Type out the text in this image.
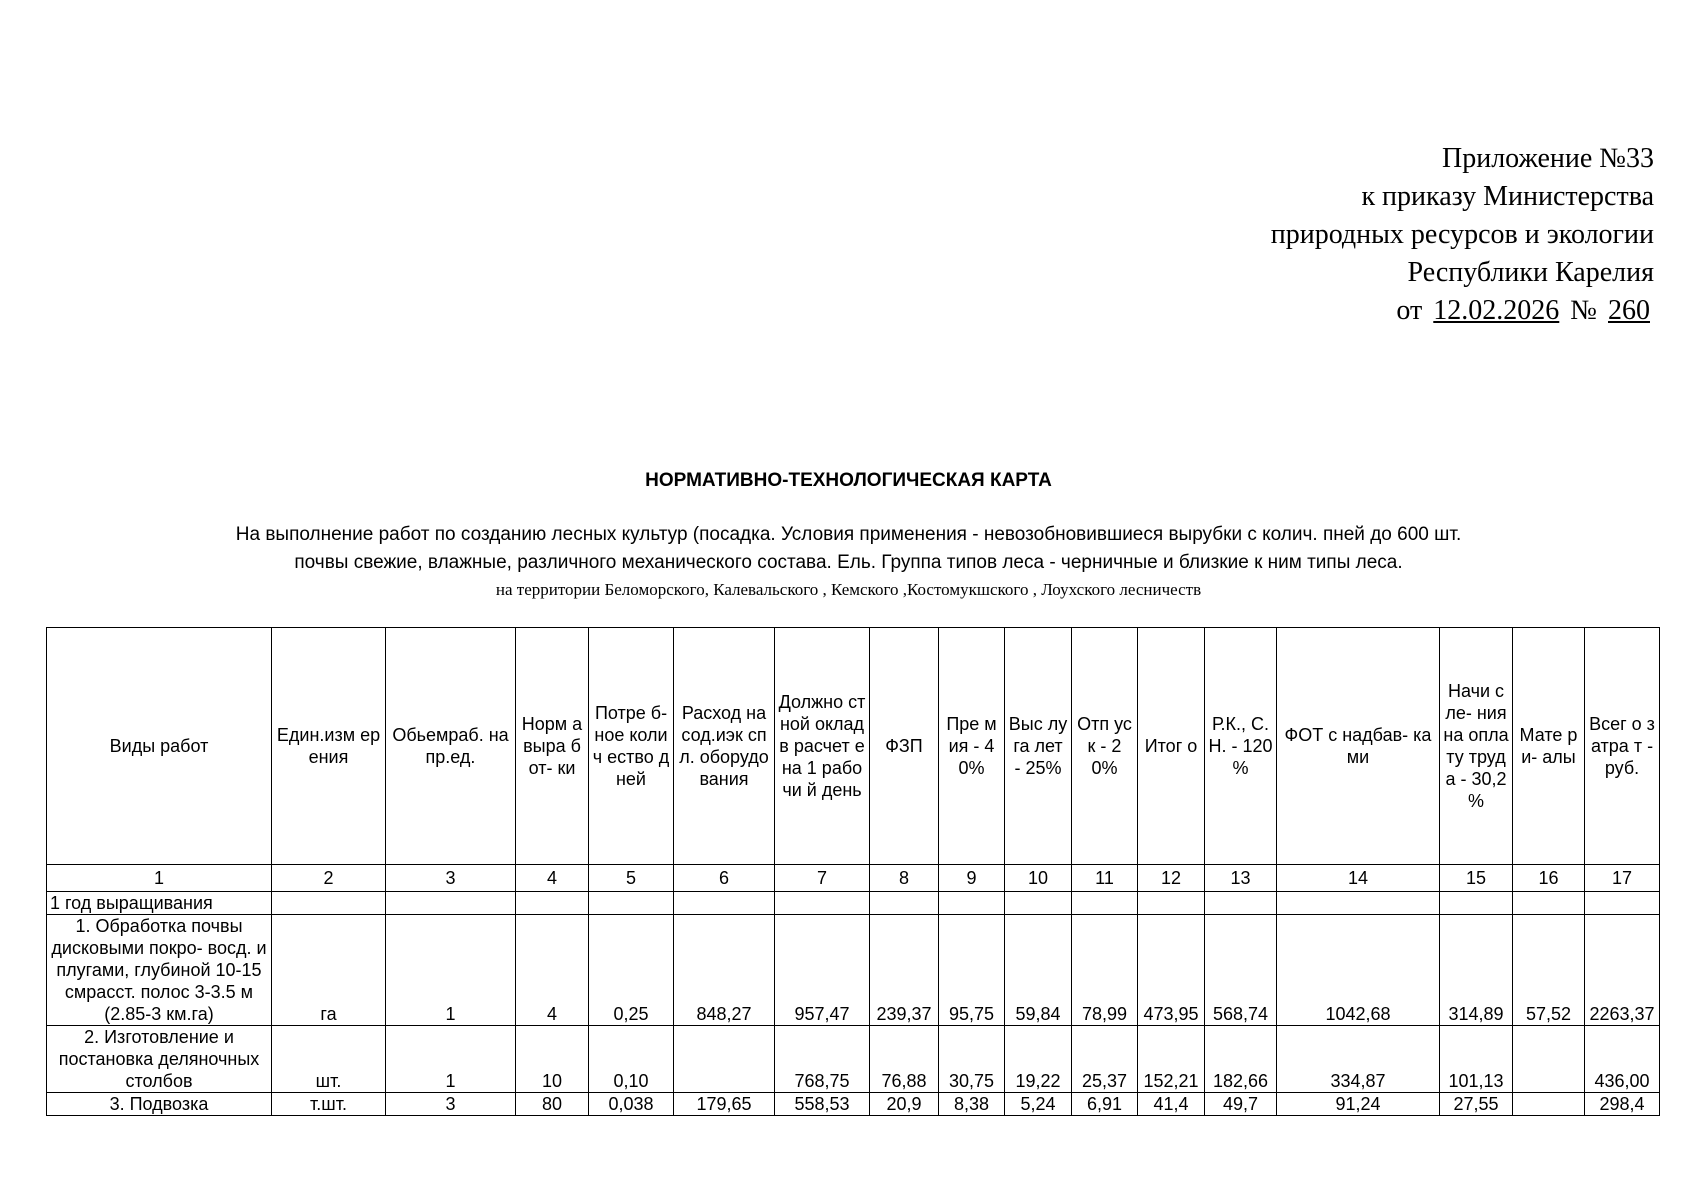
Приложение №33
к приказу Министерства
природных ресурсов и экологии
Республики Карелия
от 12.02.2026 № 260
НОРМАТИВНО-ТЕХНОЛОГИЧЕСКАЯ КАРТА
На выполнение работ по созданию лесных культур (посадка. Условия применения - невозобновившиеся вырубки с колич. пней до 600 шт.
почвы свежие, влажные, различного механического состава. Ель. Группа типов леса - черничные и близкие к ним типы леса.
на территории Беломорского, Калевальского , Кемского ,Костомукшского , Лоухского лесничеств
Виды работ	Един.изм ерения	Обьемраб. напр.ед.	Норм а выра бот- ки	Потре б-ное колич ество дней	Расход на сод.иэк спл. оборудо вания	Должно стной оклад в расчет е на 1 рабочи й день	ФЗП	Пре мия - 40%	Выс луга лет - 25%	Отп уск - 20%	Итог о	Р.К., С.Н. - 120 %	ФОТ с надбав- ками	Начи сле- ния на опла ту труд а - 30,2 %	Мате ри- алы	Всег о затра т - руб.
1	2	3	4	5	6	7	8	9	10	11	12	13	14	15	16	17
1 год выращивания																
1. Обработка почвы дисковыми покро- восд. и плугами, глубиной 10-15 смрасст. полос 3-3.5 м (2.85-3 км.га)	га	1	4	0,25	848,27	957,47	239,37	95,75	59,84	78,99	473,95	568,74	1042,68	314,89	57,52	2263,37
2. Изготовление и постановка деляночных столбов	шт.	1	10	0,10		768,75	76,88	30,75	19,22	25,37	152,21	182,66	334,87	101,13		436,00
3. Подвозка	т.шт.	3	80	0,038	179,65	558,53	20,9	8,38	5,24	6,91	41,4	49,7	91,24	27,55		298,4
